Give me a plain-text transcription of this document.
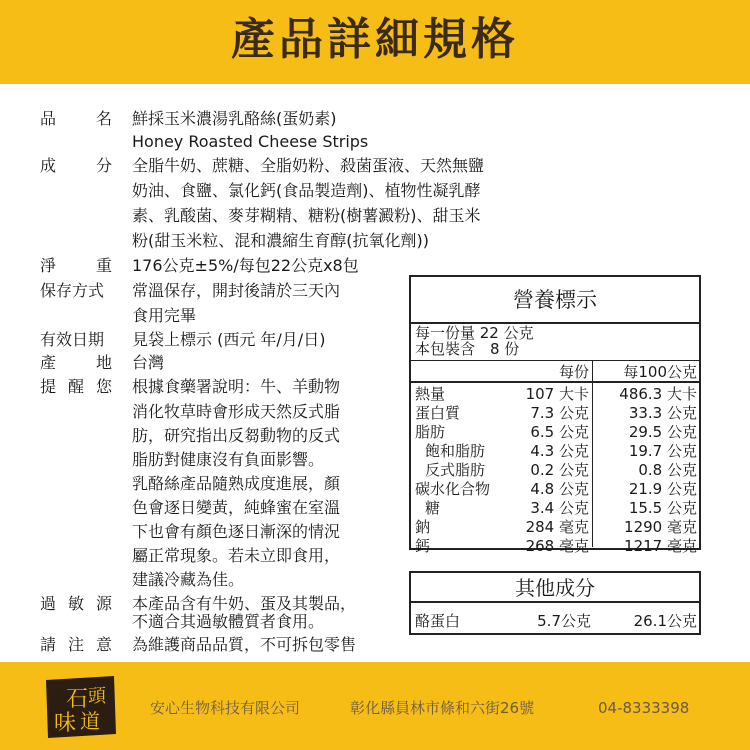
產品詳細規格
品 名 鮮採玉米濃湯乳酪絲(蛋奶素)
Honey Roasted Cheese Strips
成 分 全脂牛奶、蔗糖、全脂奶粉、殺菌蛋液、天然無鹽
奶油、食鹽、氯化鈣(食品製造劑)、植物性凝乳酵
素、乳酸菌、麥芽糊精、糖粉(樹薯澱粉)、甜玉米
粉(甜玉米粒、混和濃縮生育醇(抗氧化劑))
淨 重 176公克±5%/每包22公克x8包
保存方式	常溫保存，開封後請於三天內
食用完畢
有效日期	見袋上標示 (西元 年/月/日)
產 地 台灣
提 醒 您 根據食藥署說明：牛、羊動物
消化牧草時會形成天然反式脂
肪，研究指出反芻動物的反式
脂肪對健康沒有負面影響。
乳酪絲產品隨熟成度進展，顏
色會逐日變黃，純蜂蜜在室溫
下也會有顏色逐日漸深的情況
屬正常現象。若未立即食用，
建議冷藏為佳。
過 敏 源 本產品含有牛奶、蛋及其製品，
不適合其過敏體質者食用。
請 注 意 為維護商品品質，不可拆包零售
營養標示
每一份量 22 公克
本包裝含　8 份
每份 每100公克
熱量	107 大卡 486.3 大卡
蛋白質	7.3 公克	33.3 公克
脂肪	6.5 公克	29.5 公克
飽和脂肪	4.3 公克	19.7 公克
反式脂肪	0.2 公克	0.8 公克
碳水化合物	4.8 公克	21.9 公克
糖	3.4 公克	15.5 公克
鈉	284 毫克 1290 毫克
鈣	268 毫克 1217 毫克
其他成分
酪蛋白	5.7公克	26.1公克
石 頭
味 道
安心生物科技有限公司	彰化縣員林市條和六街26號	04-8333398
